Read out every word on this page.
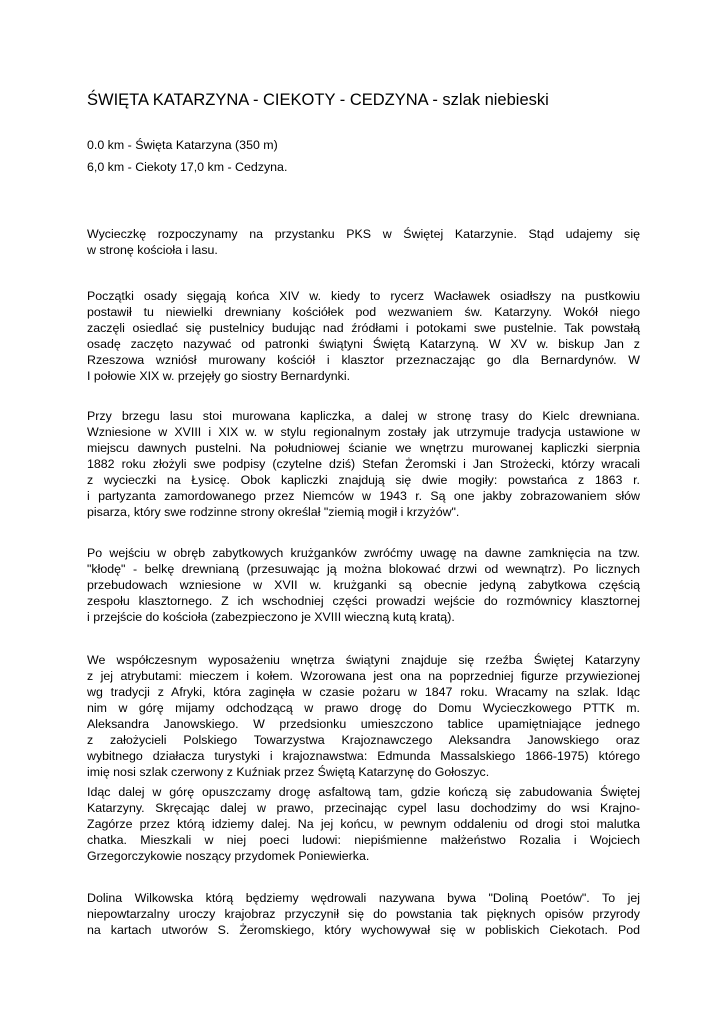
ŚWIĘTA KATARZYNA - CIEKOTY - CEDZYNA - szlak niebieski

0.0 km - Święta Katarzyna (350 m)

6,0 km - Ciekoty 17,0 km - Cedzyna.

Wycieczkę rozpoczynamy na przystanku PKS w Świętej Katarzynie. Stąd udajemy się
w stronę kościoła i lasu.
Początki osady sięgają końca XIV w. kiedy to rycerz Wacławek osiadłszy na pustkowiu
postawił tu niewielki drewniany kościółek pod wezwaniem św. Katarzyny. Wokół niego
zaczęli osiedlać się pustelnicy budując nad źródłami i potokami swe pustelnie. Tak powstałą
osadę zaczęto nazywać od patronki świątyni Świętą Katarzyną. W XV w. biskup Jan z
Rzeszowa wzniósł murowany kościół i klasztor przeznaczając go dla Bernardynów. W
I połowie XIX w. przejęły go siostry Bernardynki.
Przy brzegu lasu stoi murowana kapliczka, a dalej w stronę trasy do Kielc drewniana.
Wzniesione w XVIII i XIX w. w stylu regionalnym zostały jak utrzymuje tradycja ustawione w
miejscu dawnych pustelni. Na południowej ścianie we wnętrzu murowanej kapliczki sierpnia
1882 roku złożyli swe podpisy (czytelne dziś) Stefan Żeromski i Jan Strożecki, którzy wracali
z wycieczki na Łysicę. Obok kapliczki znajdują się dwie mogiły: powstańca z 1863 r.
i partyzanta zamordowanego przez Niemców w 1943 r. Są one jakby zobrazowaniem słów
pisarza, który swe rodzinne strony określał "ziemią mogił i krzyżów".
Po wejściu w obręb zabytkowych krużganków zwróćmy uwagę na dawne zamknięcia na tzw.
"kłodę" - belkę drewnianą (przesuwając ją można blokować drzwi od wewnątrz). Po licznych
przebudowach wzniesione w XVII w. krużganki są obecnie jedyną zabytkowa częścią
zespołu klasztornego. Z ich wschodniej części prowadzi wejście do rozmównicy klasztornej
i przejście do kościoła (zabezpieczono je XVIII wieczną kutą kratą).
We współczesnym wyposażeniu wnętrza świątyni znajduje się rzeźba Świętej Katarzyny
z jej atrybutami: mieczem i kołem. Wzorowana jest ona na poprzedniej figurze przywiezionej
wg tradycji z Afryki, która zaginęła w czasie pożaru w 1847 roku. Wracamy na szlak. Idąc
nim w górę mijamy odchodzącą w prawo drogę do Domu Wycieczkowego PTTK m.
Aleksandra Janowskiego. W przedsionku umieszczono tablice upamiętniające jednego
z założycieli Polskiego Towarzystwa Krajoznawczego Aleksandra Janowskiego oraz
wybitnego działacza turystyki i krajoznawstwa: Edmunda Massalskiego 1866-1975) którego
imię nosi szlak czerwony z Kuźniak przez Świętą Katarzynę do Gołoszyc.
Idąc dalej w górę opuszczamy drogę asfaltową tam, gdzie kończą się zabudowania Świętej
Katarzyny. Skręcając dalej w prawo, przecinając cypel lasu dochodzimy do wsi Krajno-
Zagórze przez którą idziemy dalej. Na jej końcu, w pewnym oddaleniu od drogi stoi malutka
chatka. Mieszkali w niej poeci ludowi: niepiśmienne małżeństwo Rozalia i Wojciech
Grzegorczykowie noszący przydomek Poniewierka.
Dolina Wilkowska którą będziemy wędrowali nazywana bywa "Doliną Poetów". To jej
niepowtarzalny uroczy krajobraz przyczynił się do powstania tak pięknych opisów przyrody
na kartach utworów S. Żeromskiego, który wychowywał się w pobliskich Ciekotach. Pod
